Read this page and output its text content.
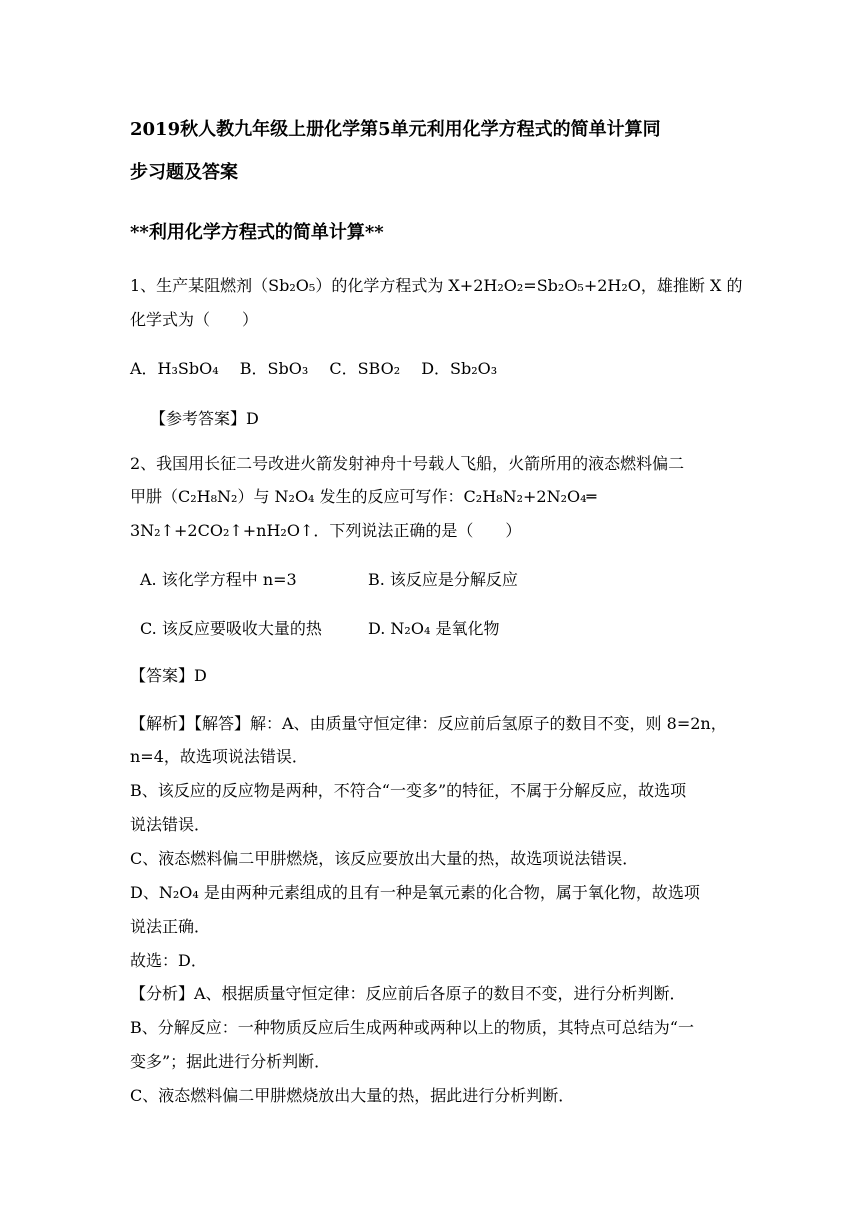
2019秋人教九年级上册化学第5单元利用化学方程式的简单计算同
步习题及答案
**利用化学方程式的简单计算**
1、生产某阻燃剂（Sb₂O₅）的化学方程式为 X+2H₂O₂=Sb₂O₅+2H₂O，雄推断 X 的
化学式为（　　）
A．H₃SbO₄　 B．SbO₃　 C．SBO₂　 D．Sb₂O₃
【参考答案】D
2、我国用长征二号改进火箭发射神舟十号载人飞船，火箭所用的液态燃料偏二
甲肼（C₂H₈N₂）与 N₂O₄ 发生的反应可写作：C₂H₈N₂+2N₂O₄═
3N₂↑+2CO₂↑+nH₂O↑．下列说法正确的是（　　）
A. 该化学方程中 n=3	B. 该反应是分解反应
C. 该反应要吸收大量的热	D. N₂O₄ 是氧化物
【答案】D
【解析】【解答】解：A、由质量守恒定律：反应前后氢原子的数目不变，则 8=2n，
n=4，故选项说法错误．
B、该反应的反应物是两种，不符合“一变多”的特征，不属于分解反应，故选项
说法错误．
C、液态燃料偏二甲肼燃烧，该反应要放出大量的热，故选项说法错误．
D、N₂O₄ 是由两种元素组成的且有一种是氧元素的化合物，属于氧化物，故选项
说法正确．
故选：D．
【分析】A、根据质量守恒定律：反应前后各原子的数目不变，进行分析判断．
B、分解反应：一种物质反应后生成两种或两种以上的物质，其特点可总结为“一
变多”；据此进行分析判断．
C、液态燃料偏二甲肼燃烧放出大量的热，据此进行分析判断．
